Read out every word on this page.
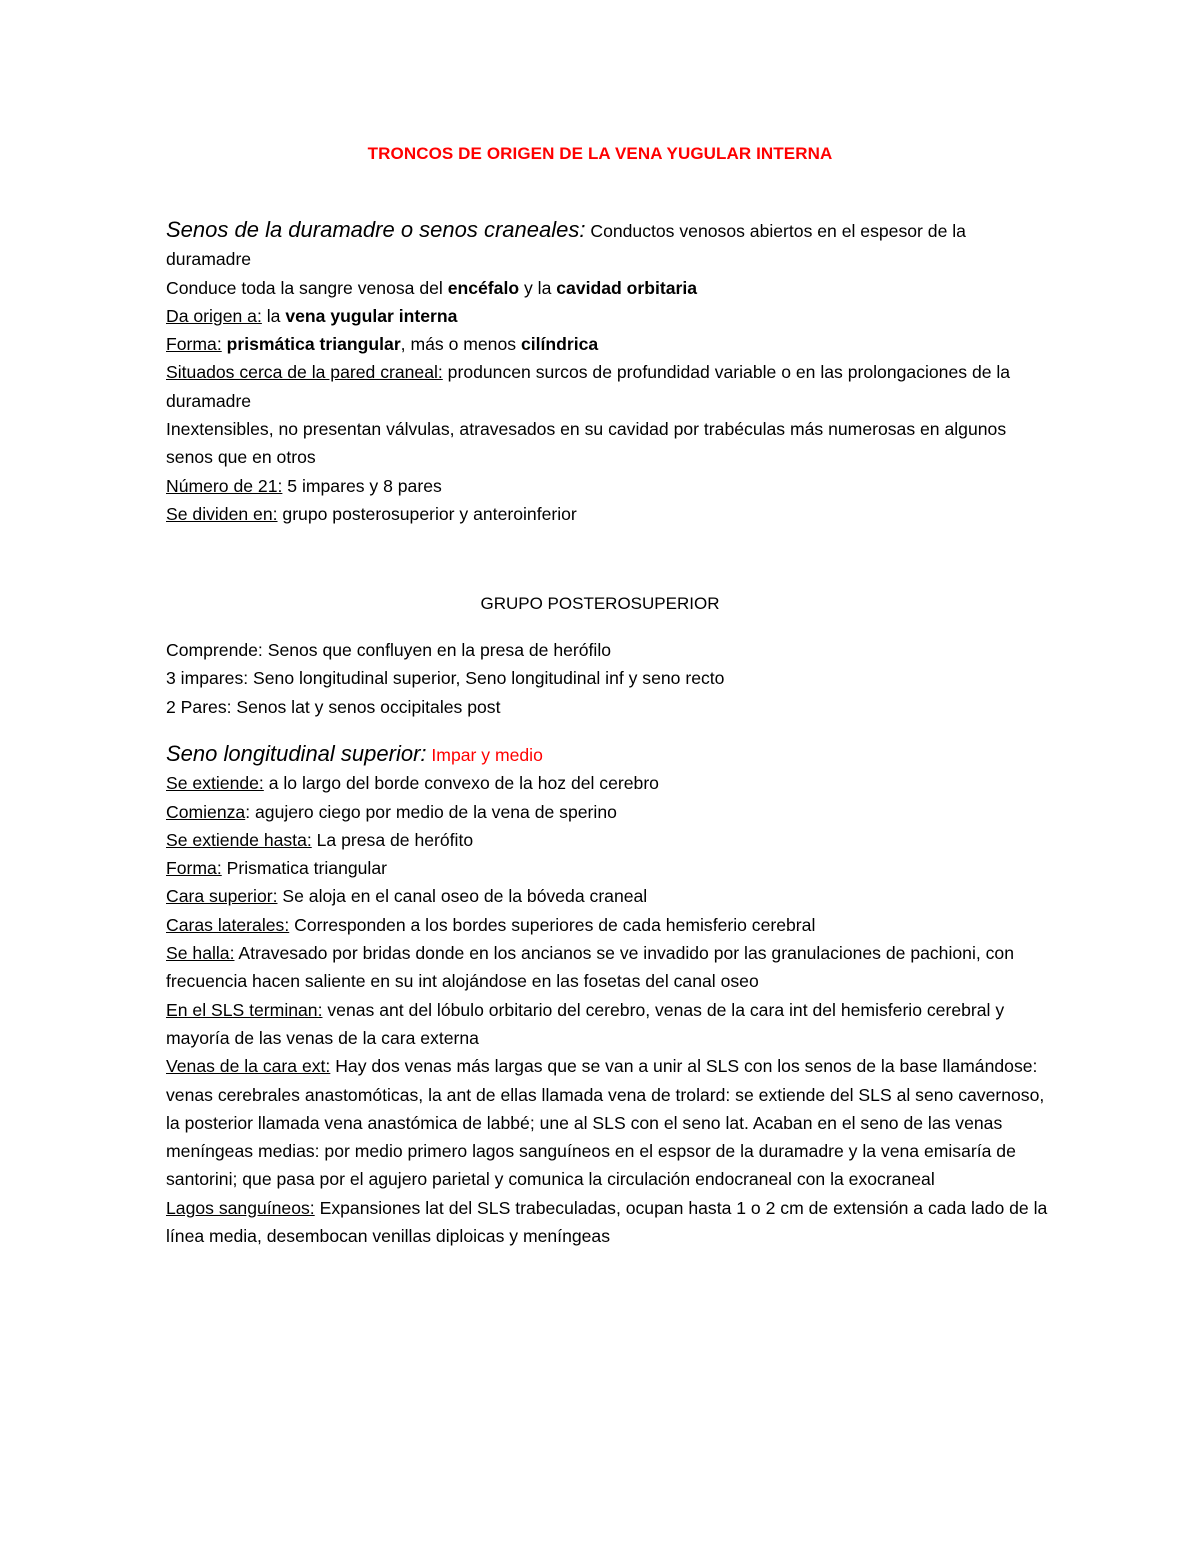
TRONCOS DE ORIGEN DE LA VENA YUGULAR INTERNA

Senos de la duramadre o senos craneales: Conductos venosos abiertos en el espesor de la duramadre

Conduce toda la sangre venosa del encéfalo y la cavidad orbitaria

Da origen a: la vena yugular interna

Forma: prismática triangular, más o menos cilíndrica

Situados cerca de la pared craneal: produncen surcos de profundidad variable o en las prolongaciones de la duramadre

Inextensibles, no presentan válvulas, atravesados en su cavidad por trabéculas más numerosas en algunos senos que en otros

Número de 21: 5 impares y 8 pares

Se dividen en: grupo posterosuperior y anteroinferior

GRUPO POSTEROSUPERIOR

Comprende: Senos que confluyen en la presa de herófilo

3 impares: Seno longitudinal superior, Seno longitudinal inf y seno recto

2 Pares: Senos lat y senos occipitales post

Seno longitudinal superior: Impar y medio

Se extiende: a lo largo del borde convexo de la hoz del cerebro

Comienza: agujero ciego por medio de la vena de sperino

Se extiende hasta: La presa de herófito

Forma: Prismatica triangular

Cara superior: Se aloja en el canal oseo de la bóveda craneal

Caras laterales: Corresponden a los bordes superiores de cada hemisferio cerebral

Se halla: Atravesado por bridas donde en los ancianos se ve invadido por las granulaciones de pachioni, con frecuencia hacen saliente en su int alojándose en las fosetas del canal oseo

En el SLS terminan: venas ant del lóbulo orbitario del cerebro, venas de la cara int del hemisferio cerebral y mayoría de las venas de la cara externa

Venas de la cara ext: Hay dos venas más largas que se van a unir al SLS con los senos de la base llamándose: venas cerebrales anastomóticas, la ant de ellas llamada vena de trolard: se extiende del SLS al seno cavernoso, la posterior llamada vena anastómica de labbé; une al SLS con el seno lat. Acaban en el seno de las venas meníngeas medias: por medio primero lagos sanguíneos en el espsor de la duramadre y la vena emisaría de santorini; que pasa por el agujero parietal y comunica la circulación endocraneal con la exocraneal

Lagos sanguíneos: Expansiones lat del SLS trabeculadas, ocupan hasta 1 o 2 cm de extensión a cada lado de la línea media, desembocan venillas diploicas y meníngeas
